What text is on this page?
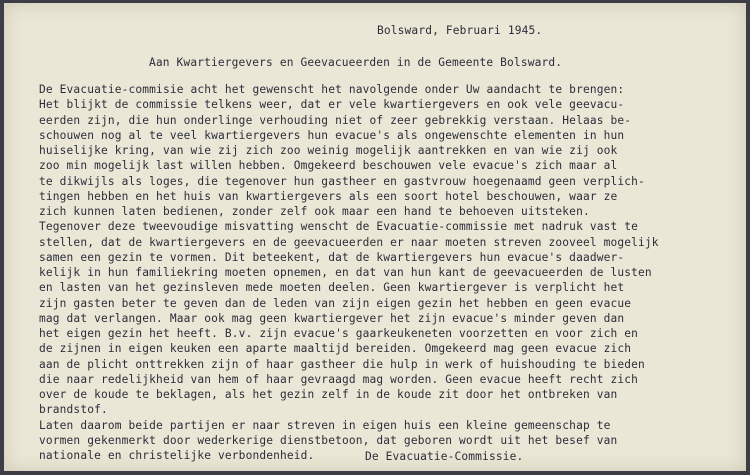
Bolsward, Februari 1945.
Aan Kwartiergevers en Geevacueerden in de Gemeente Bolsward.
De Evacuatie-commisie acht het gewenscht het navolgende onder Uw aandacht te brengen:
Het blijkt de commissie telkens weer, dat er vele kwartiergevers en ook vele geevacu-
eerden zijn, die hun onderlinge verhouding niet of zeer gebrekkig verstaan. Helaas be-
schouwen nog al te veel kwartiergevers hun evacue's als ongewenschte elementen in hun
huiselijke kring, van wie zij zich zoo weinig mogelijk aantrekken en van wie zij ook
zoo min mogelijk last willen hebben. Omgekeerd beschouwen vele evacue's zich maar al
te dikwijls als loges, die tegenover hun gastheer en gastvrouw hoegenaamd geen verplich-
tingen hebben en het huis van kwartiergevers als een soort hotel beschouwen, waar ze
zich kunnen laten bedienen, zonder zelf ook maar een hand te behoeven uitsteken.
Tegenover deze tweevoudige misvatting wenscht de Evacuatie-commissie met nadruk vast te
stellen, dat de kwartiergevers en de geevacueerden er naar moeten streven zooveel mogelijk
samen een gezin te vormen. Dit beteekent, dat de kwartiergevers hun evacue's daadwer-
kelijk in hun familiekring moeten opnemen, en dat van hun kant de geevacueerden de lusten
en lasten van het gezinsleven mede moeten deelen. Geen kwartiergever is verplicht het
zijn gasten beter te geven dan de leden van zijn eigen gezin het hebben en geen evacue
mag dat verlangen. Maar ook mag geen kwartiergever het zijn evacue's minder geven dan
het eigen gezin het heeft. B.v. zijn evacue's gaarkeukeneten voorzetten en voor zich en
de zijnen in eigen keuken een aparte maaltijd bereiden. Omgekeerd mag geen evacue zich
aan de plicht onttrekken zijn of haar gastheer die hulp in werk of huishouding te bieden
die naar redelijkheid van hem of haar gevraagd mag worden. Geen evacue heeft recht zich
over de koude te beklagen, als het gezin zelf in de koude zit door het ontbreken van
brandstof.
Laten daarom beide partijen er naar streven in eigen huis een kleine gemeenschap te
vormen gekenmerkt door wederkerige dienstbetoon, dat geboren wordt uit het besef van
nationale en christelijke verbondenheid.	De Evacuatie-Commissie.
